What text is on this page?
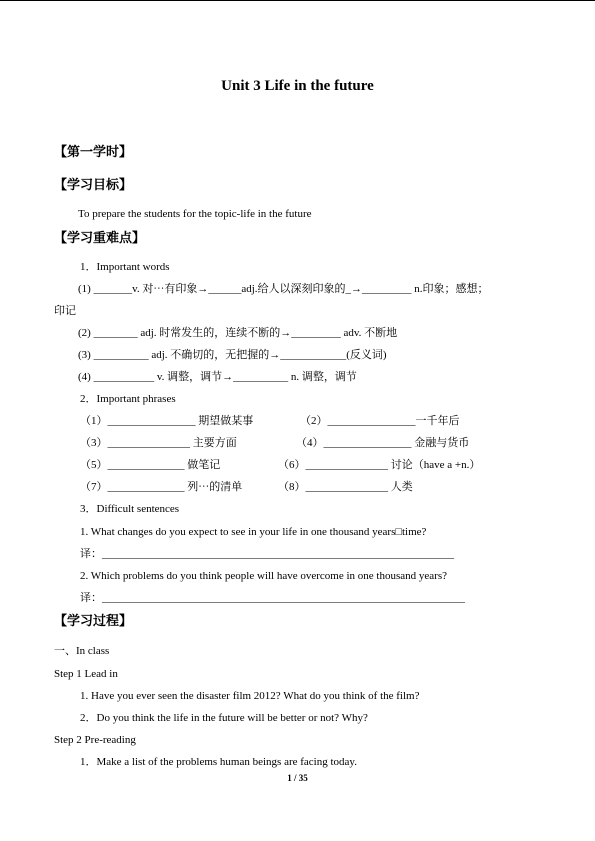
Unit 3 Life in the future
【第一学时】
【学习目标】
To prepare the students for the topic-life in the future
【学习重难点】
1．Important words
(1) _______v. 对⋯有印象→______adj.给人以深刻印象的_→_________ n.印象；感想；
印记
(2) ________ adj. 时常发生的，连续不断的→_________ adv. 不断地
(3) __________ adj. 不确切的，无把握的→____________(反义词)
(4) ___________ v. 调整，调节→__________ n. 调整，调节
2．Important phrases
（1）________________ 期望做某事	（2）________________一千年后
（3）_______________ 主要方面	（4）________________ 金融与货币
（5）______________ 做笔记	（6）_______________ 讨论（have a +n.）
（7）______________ 列⋯的清单	（8）_______________ 人类
3．Difficult sentences
1. What changes do you expect to see in your life in one thousand years□time?
译：________________________________________________________________
2. Which problems do you think people will have overcome in one thousand years?
译：__________________________________________________________________
【学习过程】
一、In class
Step 1 Lead in
1. Have you ever seen the disaster film 2012? What do you think of the film?
2．Do you think the life in the future will be better or not? Why?
Step 2 Pre-reading
1．Make a list of the problems human beings are facing today.
1 / 35
